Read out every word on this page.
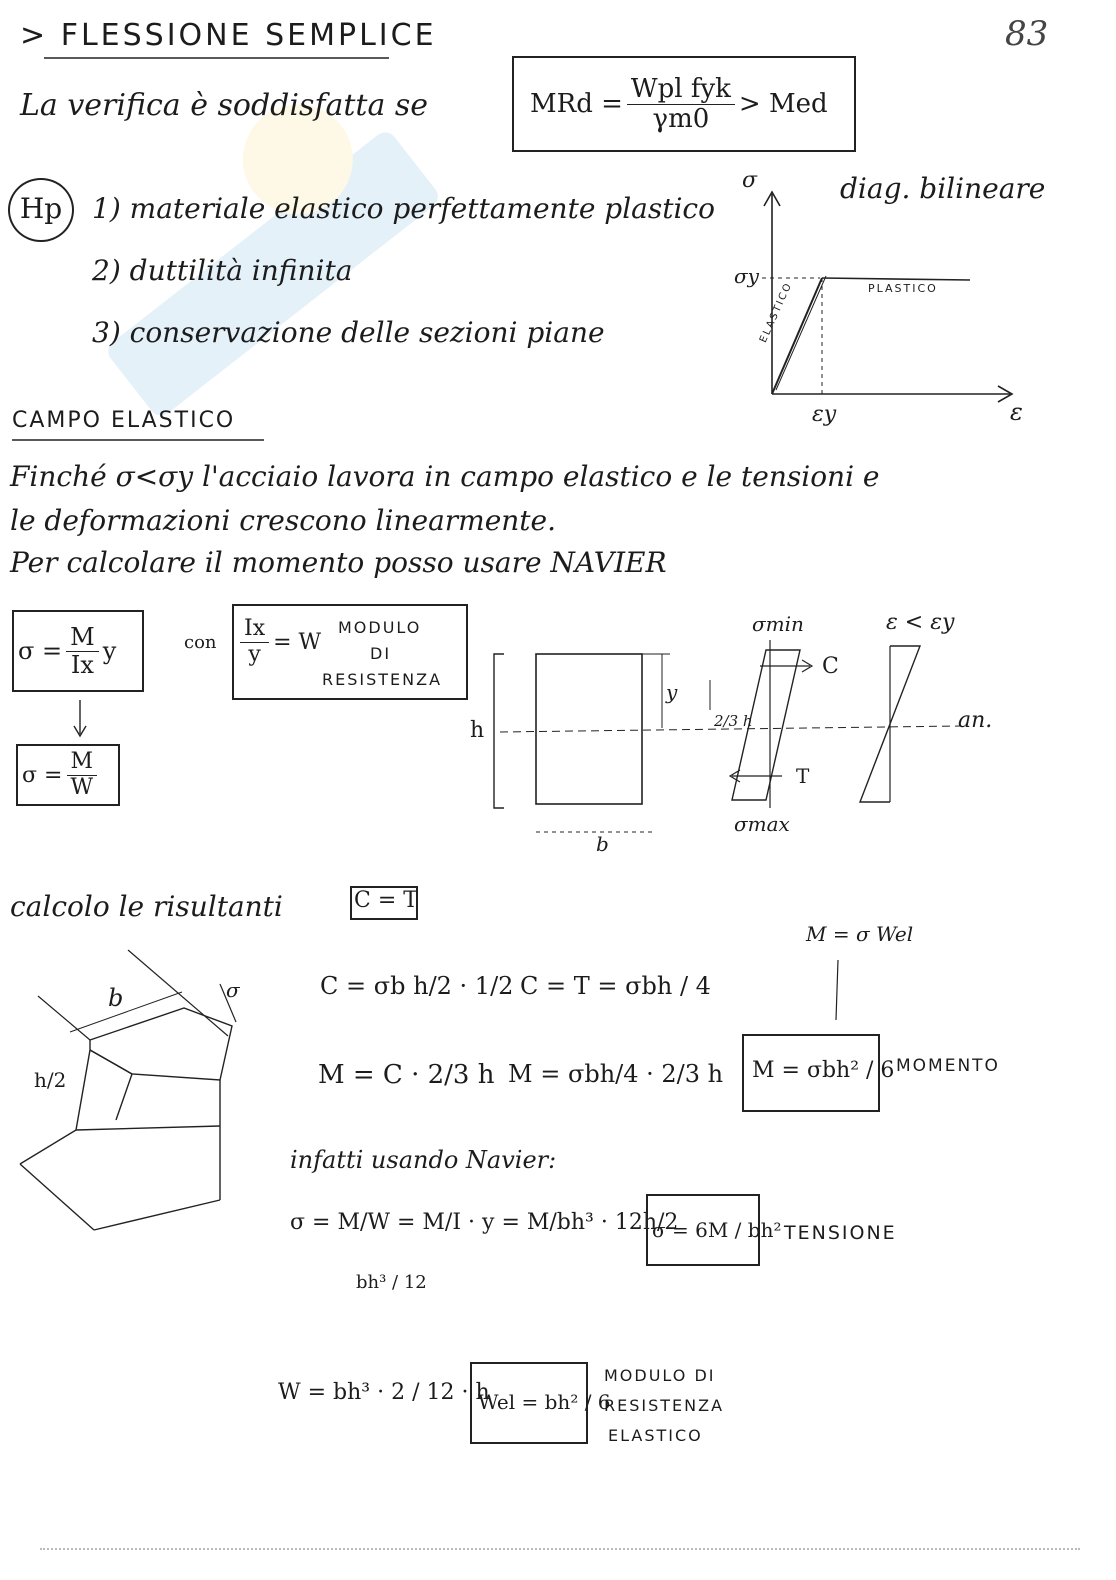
> FLESSIONE SEMPLICE	83
La verifica è soddisfatta se	MRd = $\frac{\text{Wpl fyk}}{\gamma m0}$ > Med
Hp	1) materiale elastico perfettamente plastico
2) duttilità infinita
3) conservazione delle sezioni piane
diag. bilineare
σ
ε
σy
εy
ELASTICO	PLASTICO
CAMPO ELASTICO
Finché σ<σy l'acciaio lavora in campo elastico e le tensioni e
le deformazioni crescono linearmente.
Per calcolare il momento posso usare NAVIER
$\sigma = \frac{M}{Ix}$ y
$\sigma = \frac{M}{W}$
con $\frac{Ix}{y} = W$
MODULO
DI
RESISTENZA
h
y
2/3 h
σmin
σmax
C
T
ε < εy
an.
b
calcolo le risultanti	C = T
b	σ
h/2
M = σ Wel
C = σb h/2 · 1/2 C = T = σbh / 4
M = C · 2/3 h M = σbh/4 · 2/3 h M = σbh² / 6 MOMENTO
infatti usando Navier:
σ = M/W = M/I · y = M/bh³ · 12h/2
σ = 6M / bh² TENSIONE
bh³ / 12
W = bh³ · 2 / 12 · h
Wel = bh² / 6
MODULO DI
RESISTENZA
ELASTICO
